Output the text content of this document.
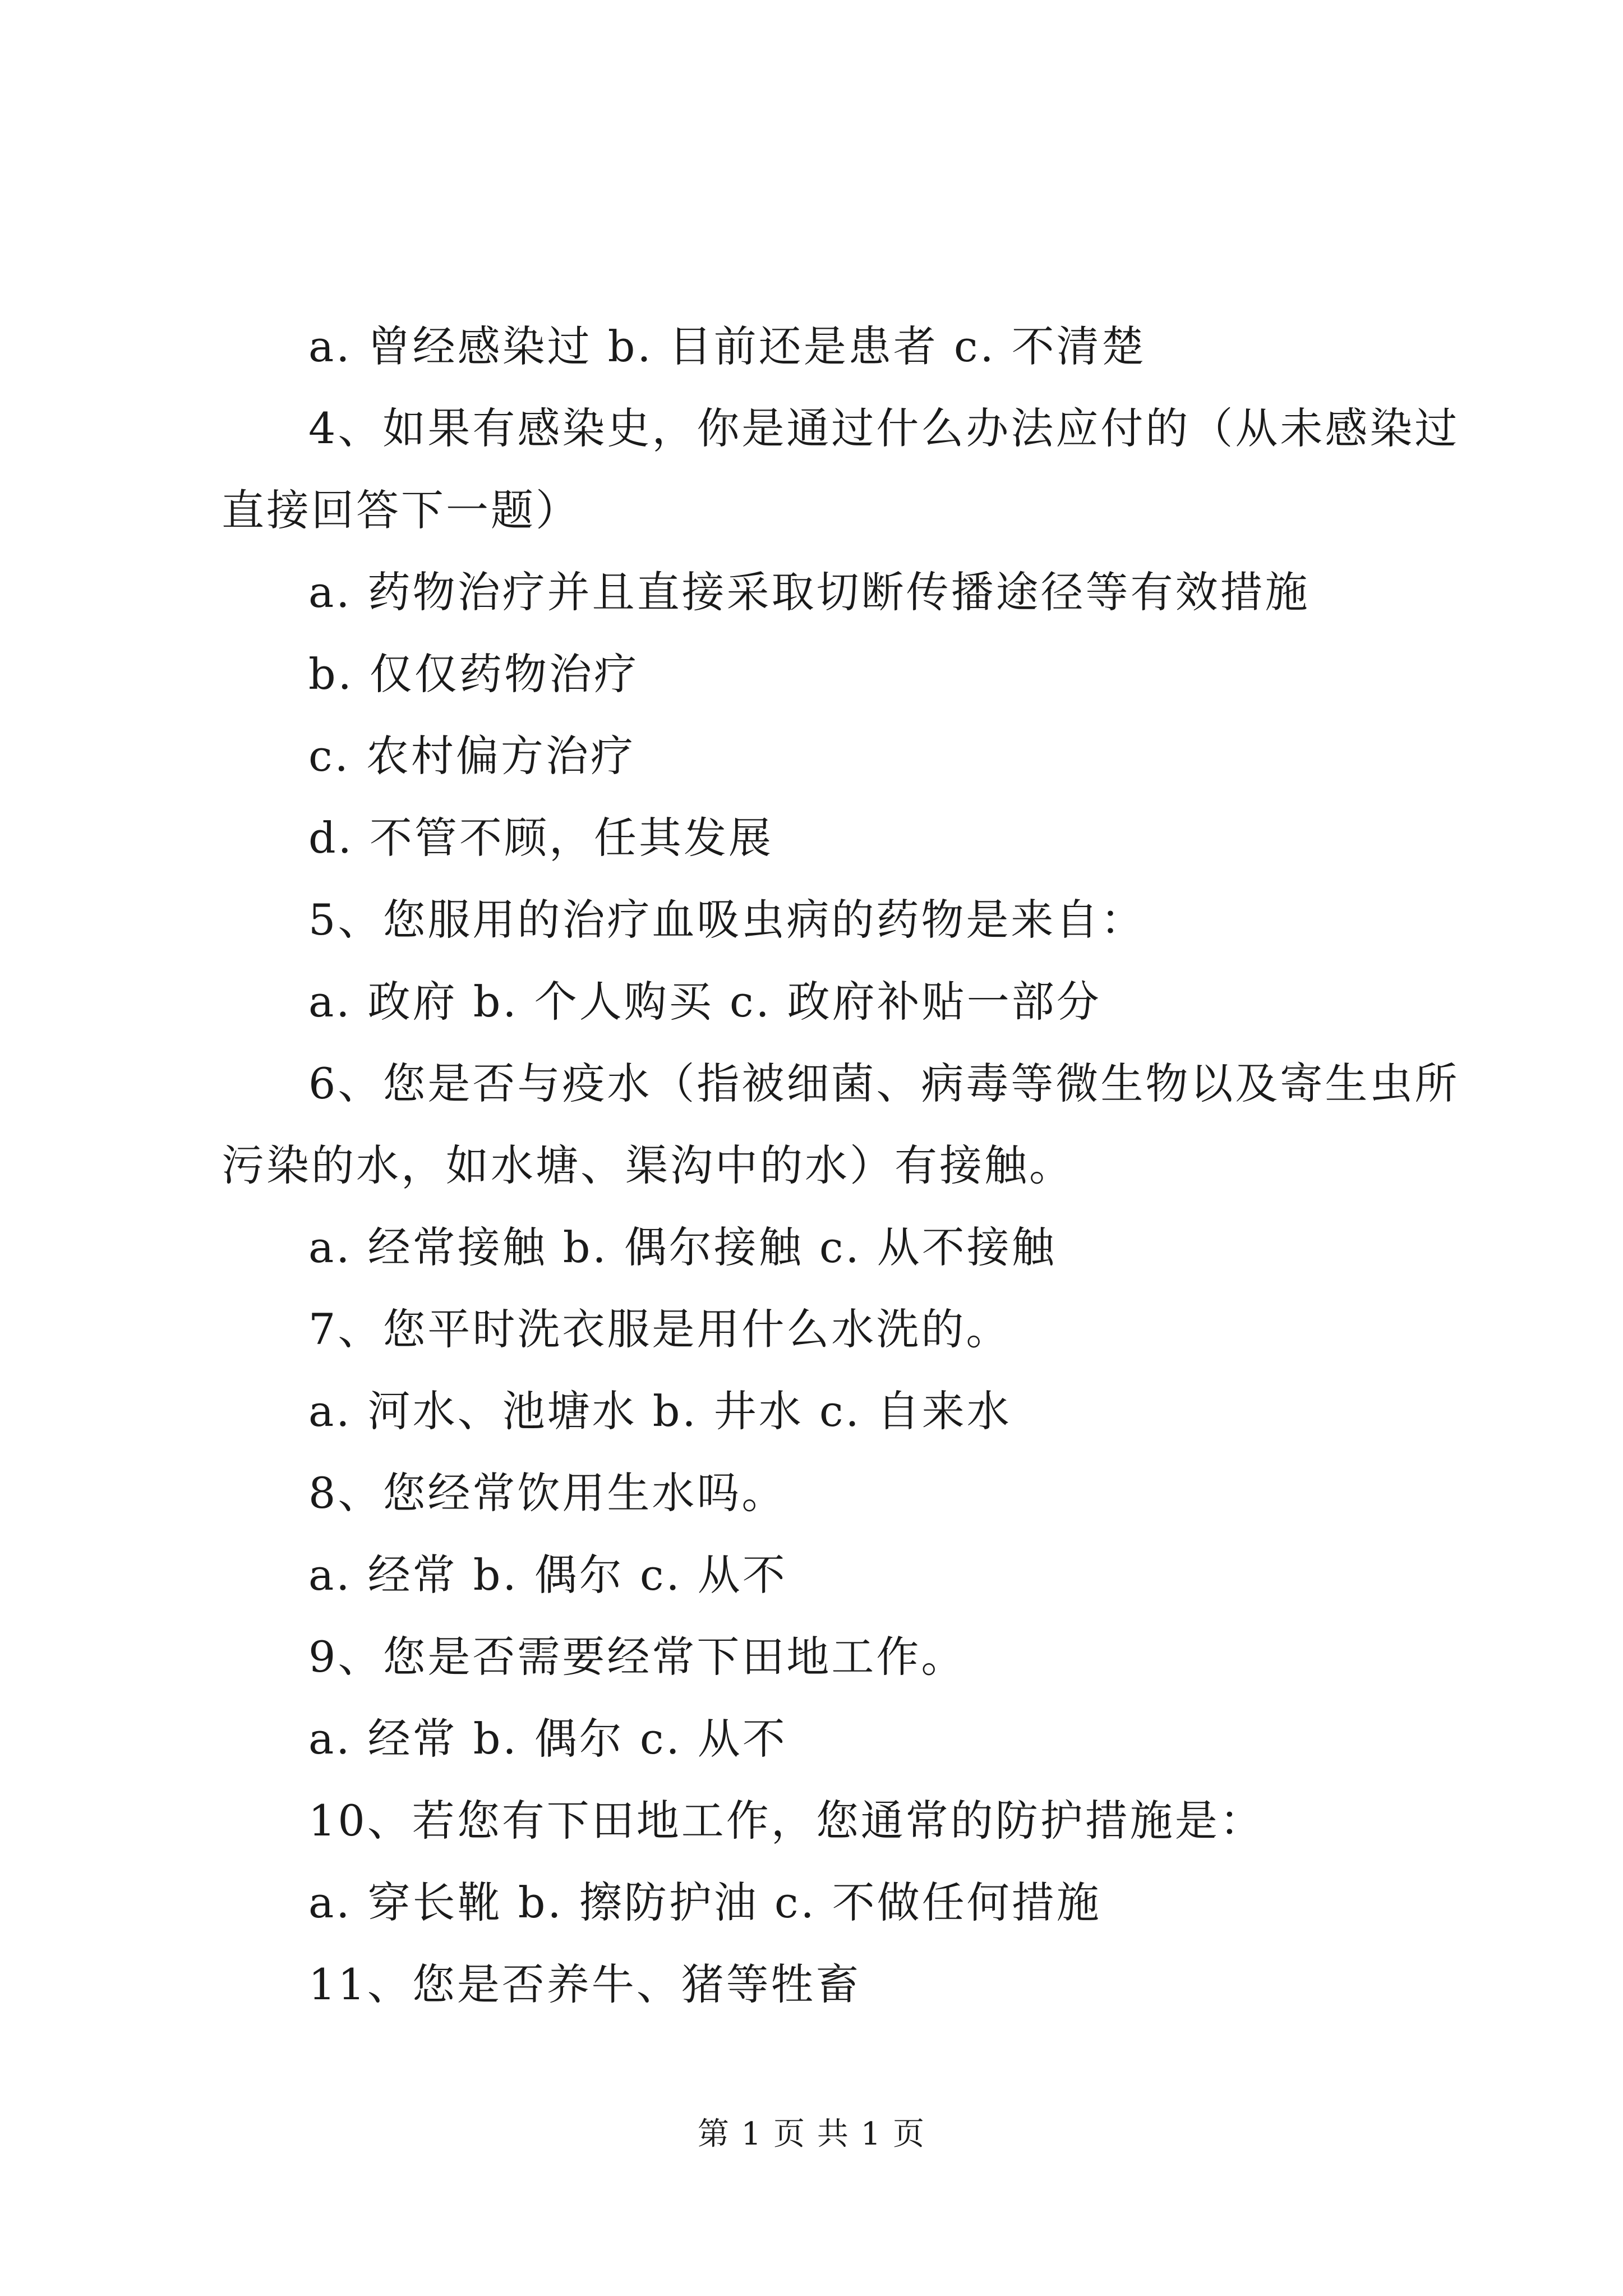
a. 曾经感染过 b. 目前还是患者 c. 不清楚
4、如果有感染史，你是通过什么办法应付的（从未感染过
直接回答下一题）
a. 药物治疗并且直接采取切断传播途径等有效措施
b. 仅仅药物治疗
c. 农村偏方治疗
d. 不管不顾，任其发展
5、您服用的治疗血吸虫病的药物是来自：
a. 政府 b. 个人购买 c. 政府补贴一部分
6、您是否与疫水（指被细菌、病毒等微生物以及寄生虫所
污染的水，如水塘、渠沟中的水）有接触。
a. 经常接触 b. 偶尔接触 c. 从不接触
7、您平时洗衣服是用什么水洗的。
a. 河水、池塘水 b. 井水 c. 自来水
8、您经常饮用生水吗。
a. 经常 b. 偶尔 c. 从不
9、您是否需要经常下田地工作。
a. 经常 b. 偶尔 c. 从不
10、若您有下田地工作，您通常的防护措施是：
a. 穿长靴 b. 擦防护油 c. 不做任何措施
11、您是否养牛、猪等牲畜
第 1 页 共 1 页
